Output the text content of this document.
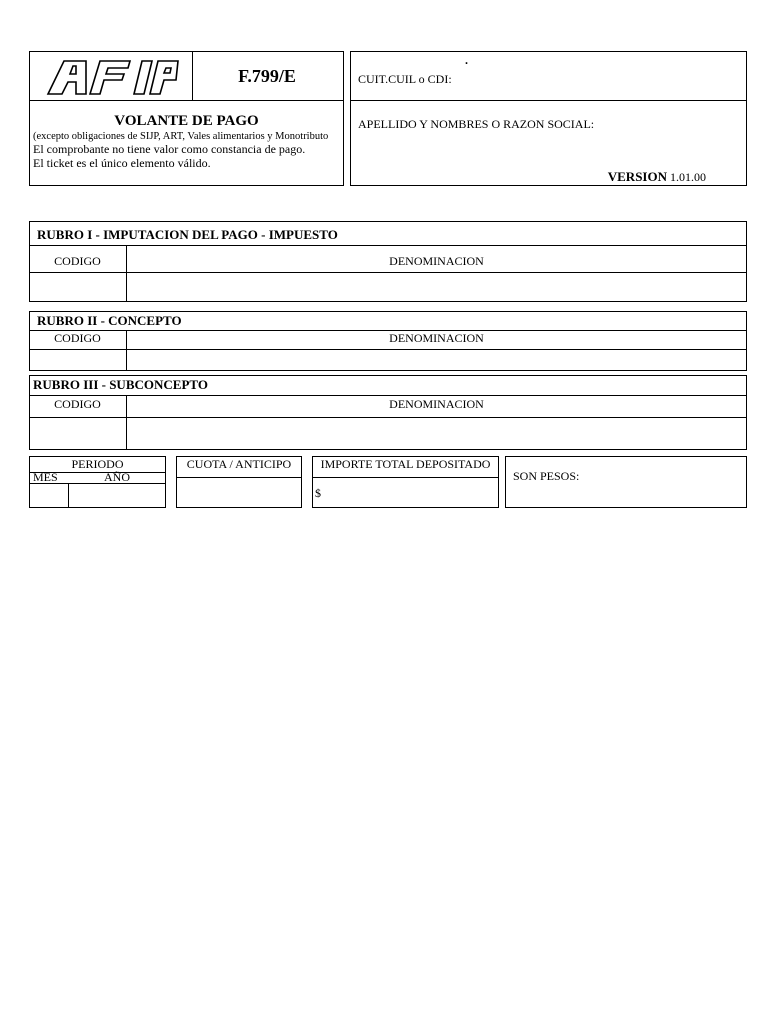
F.799/E
VOLANTE DE PAGO
(excepto obligaciones de SIJP, ART, Vales alimentarios y Monotributo
El comprobante no tiene valor como constancia de pago.
El ticket es el único elemento válido.
.
CUIT.CUIL o CDI:
APELLIDO Y NOMBRES O RAZON SOCIAL:
VERSION 1.01.00
RUBRO I - IMPUTACION DEL PAGO - IMPUESTO
CODIGO	DENOMINACION
RUBRO II - CONCEPTO
CODIGO	DENOMINACION
RUBRO III - SUBCONCEPTO
CODIGO	DENOMINACION
PERIODO
MES	AÑO
CUOTA / ANTICIPO	IMPORTE TOTAL DEPOSITADO
$
SON PESOS:
